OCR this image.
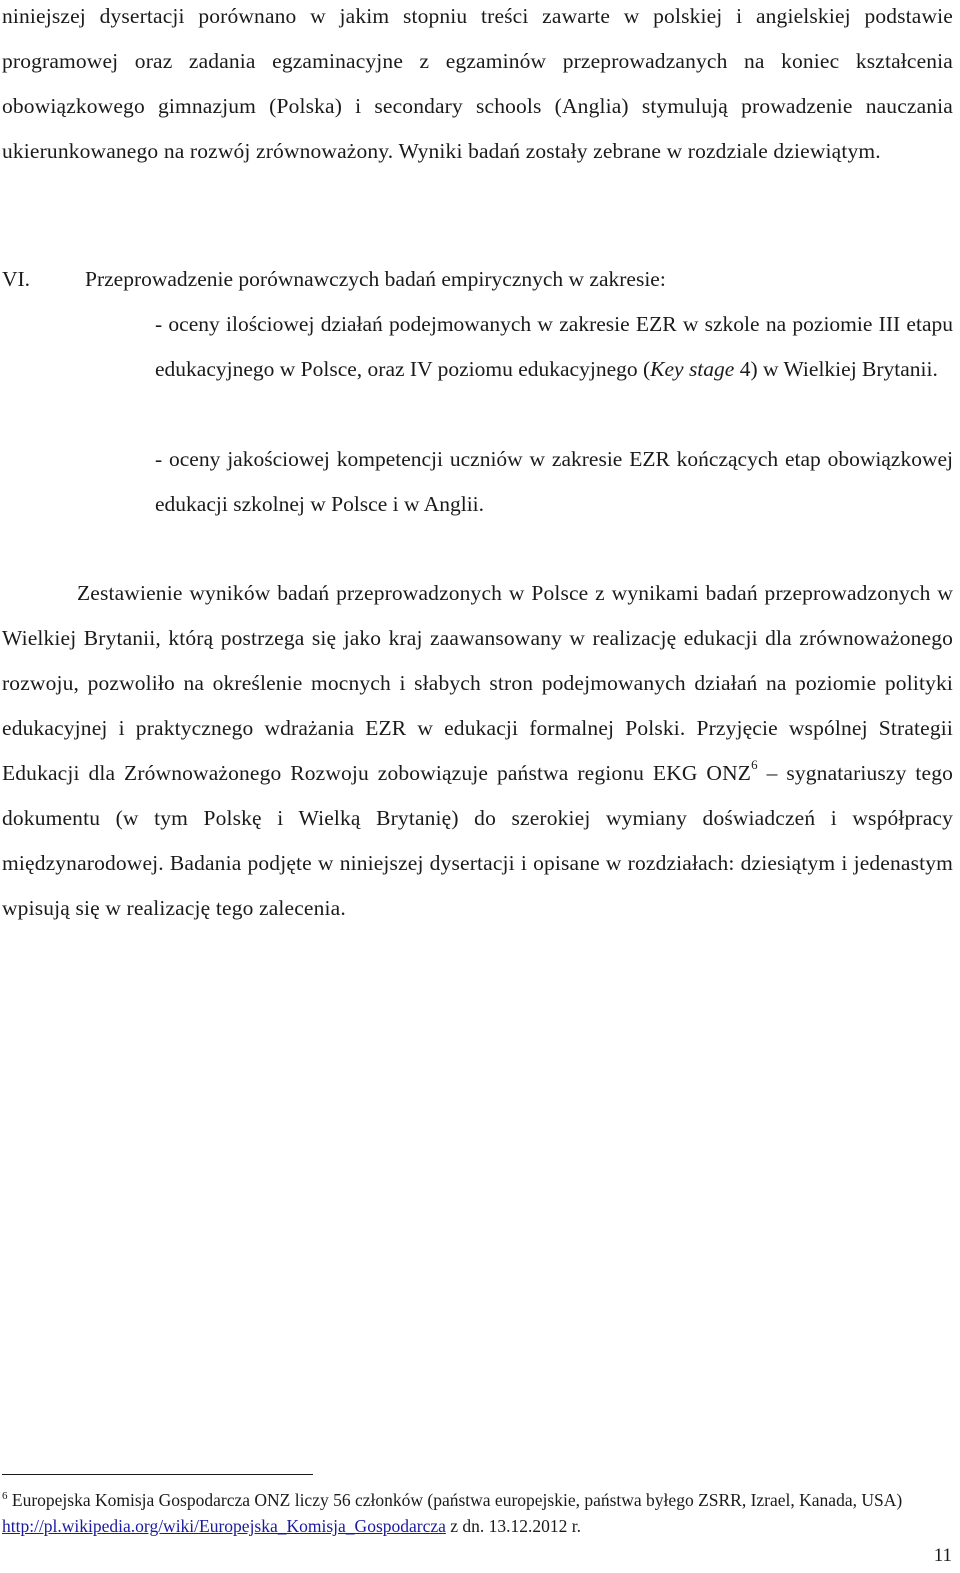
niniejszej dysertacji porównano w jakim stopniu treści zawarte w polskiej i angielskiej podstawie programowej oraz zadania egzaminacyjne z egzaminów przeprowadzanych na koniec kształcenia obowiązkowego gimnazjum (Polska) i secondary schools (Anglia) stymulują prowadzenie nauczania ukierunkowanego na rozwój zrównoważony. Wyniki badań zostały zebrane w rozdziale dziewiątym.

VI.	Przeprowadzenie porównawczych badań empirycznych w zakresie:

- oceny ilościowej działań podejmowanych w zakresie EZR w szkole na poziomie III etapu edukacyjnego w Polsce, oraz IV poziomu edukacyjnego (Key stage 4) w Wielkiej Brytanii.

- oceny jakościowej kompetencji uczniów w zakresie EZR kończących etap obowiązkowej edukacji szkolnej w Polsce i w Anglii.

Zestawienie wyników badań przeprowadzonych w Polsce z wynikami badań przeprowadzonych w Wielkiej Brytanii, którą postrzega się jako kraj zaawansowany w realizację edukacji dla zrównoważonego rozwoju, pozwoliło na określenie mocnych i słabych stron podejmowanych działań na poziomie polityki edukacyjnej i praktycznego wdrażania EZR w edukacji formalnej Polski. Przyjęcie wspólnej Strategii Edukacji dla Zrównoważonego Rozwoju zobowiązuje państwa regionu EKG ONZ$^6$ – sygnatariuszy tego dokumentu (w tym Polskę i Wielką Brytanię) do szerokiej wymiany doświadczeń i współpracy międzynarodowej. Badania podjęte w niniejszej dysertacji i opisane w rozdziałach: dziesiątym i jedenastym wpisują się w realizację tego zalecenia.

$^6$ Europejska Komisja Gospodarcza ONZ liczy 56 członków (państwa europejskie, państwa byłego ZSRR, Izrael, Kanada, USA) http://pl.wikipedia.org/wiki/Europejska_Komisja_Gospodarcza z dn. 13.12.2012 r.

11
